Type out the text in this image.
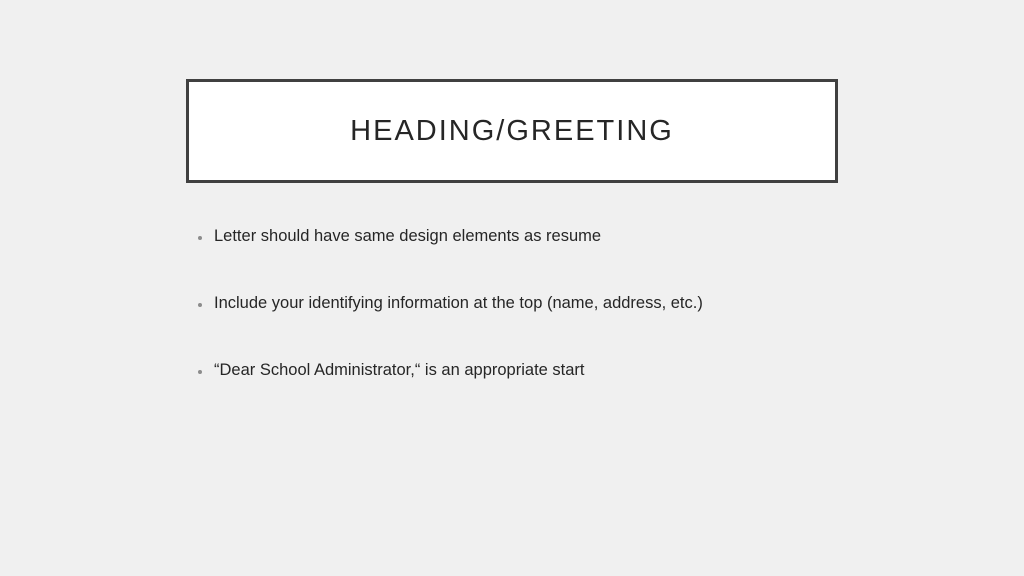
HEADING/GREETING
Letter should have same design elements as resume
Include your identifying information at the top (name, address, etc.)
“Dear School Administrator,“ is an appropriate start
